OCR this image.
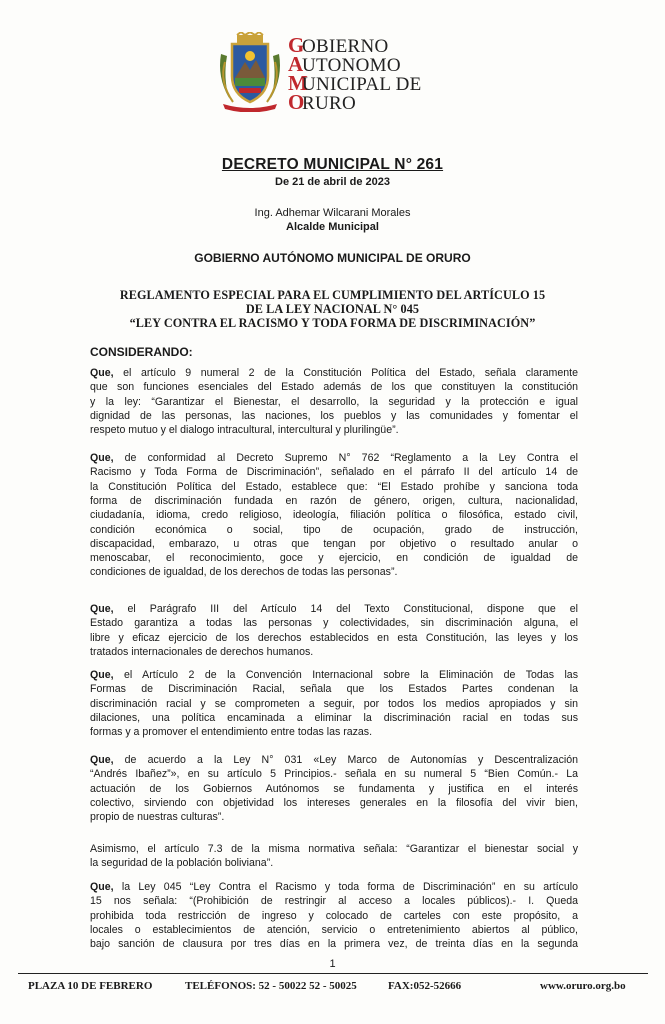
G
OBIERNO
A
UTONOMO
M
UNICIPAL DE
O
RURO
DECRETO MUNICIPAL N° 261
De 21 de abril de 2023
Ing. Adhemar Wilcarani Morales
Alcalde Municipal
GOBIERNO AUTÓNOMO MUNICIPAL DE ORURO
REGLAMENTO ESPECIAL PARA EL CUMPLIMIENTO DEL ARTÍCULO 15
DE LA LEY NACIONAL N° 045
“LEY CONTRA EL RACISMO Y TODA FORMA DE DISCRIMINACIÓN”
CONSIDERANDO:
Que, el artículo 9 numeral 2 de la Constitución Política del Estado, señala claramente
que son funciones esenciales del Estado además de los que constituyen la constitución
y la ley: “Garantizar el Bienestar, el desarrollo, la seguridad y la protección e igual
dignidad de las personas, las naciones, los pueblos y las comunidades y fomentar el
respeto mutuo y el dialogo intracultural, intercultural y plurilingüe”.
Que, de conformidad al Decreto Supremo N° 762 “Reglamento a la Ley Contra el
Racismo y Toda Forma de Discriminación”, señalado en el párrafo II del artículo 14 de
la Constitución Política del Estado, establece que: “El Estado prohíbe y sanciona toda
forma de discriminación fundada en razón de género, origen, cultura, nacionalidad,
ciudadanía, idioma, credo religioso, ideología, filiación política o filosófica, estado civil,
condición económica o social, tipo de ocupación, grado de instrucción,
discapacidad, embarazo, u otras que tengan por objetivo o resultado anular o
menoscabar, el reconocimiento, goce y ejercicio, en condición de igualdad de
condiciones de igualdad, de los derechos de todas las personas”.
Que, el Parágrafo III del Artículo 14 del Texto Constitucional, dispone que el
Estado garantiza a todas las personas y colectividades, sin discriminación alguna, el
libre y eficaz ejercicio de los derechos establecidos en esta Constitución, las leyes y los
tratados internacionales de derechos humanos.
Que, el Artículo 2 de la Convención Internacional sobre la Eliminación de Todas las
Formas de Discriminación Racial, señala que los Estados Partes condenan la
discriminación racial y se comprometen a seguir, por todos los medios apropiados y sin
dilaciones, una política encaminada a eliminar la discriminación racial en todas sus
formas y a promover el entendimiento entre todas las razas.
Que, de acuerdo a la Ley N° 031 «Ley Marco de Autonomías y Descentralización
“Andrés Ibañez”», en su artículo 5 Principios.- señala en su numeral 5 “Bien Común.- La
actuación de los Gobiernos Autónomos se fundamenta y justifica en el interés
colectivo, sirviendo con objetividad los intereses generales en la filosofía del vivir bien,
propio de nuestras culturas”.
Asimismo, el artículo 7.3 de la misma normativa señala: “Garantizar el bienestar social y
la seguridad de la población boliviana”.
Que, la Ley 045 “Ley Contra el Racismo y toda forma de Discriminación” en su artículo
15 nos señala: “(Prohibición de restringir al acceso a locales públicos).- I. Queda
prohibida toda restricción de ingreso y colocado de carteles con este propósito, a
locales o establecimientos de atención, servicio o entretenimiento abiertos al público,
bajo sanción de clausura por tres días en la primera vez, de treinta días en la segunda
1
PLAZA 10 DE FEBRERO	TELÉFONOS: 52 - 50022 52 - 50025	FAX:052-52666	www.oruro.org.bo
